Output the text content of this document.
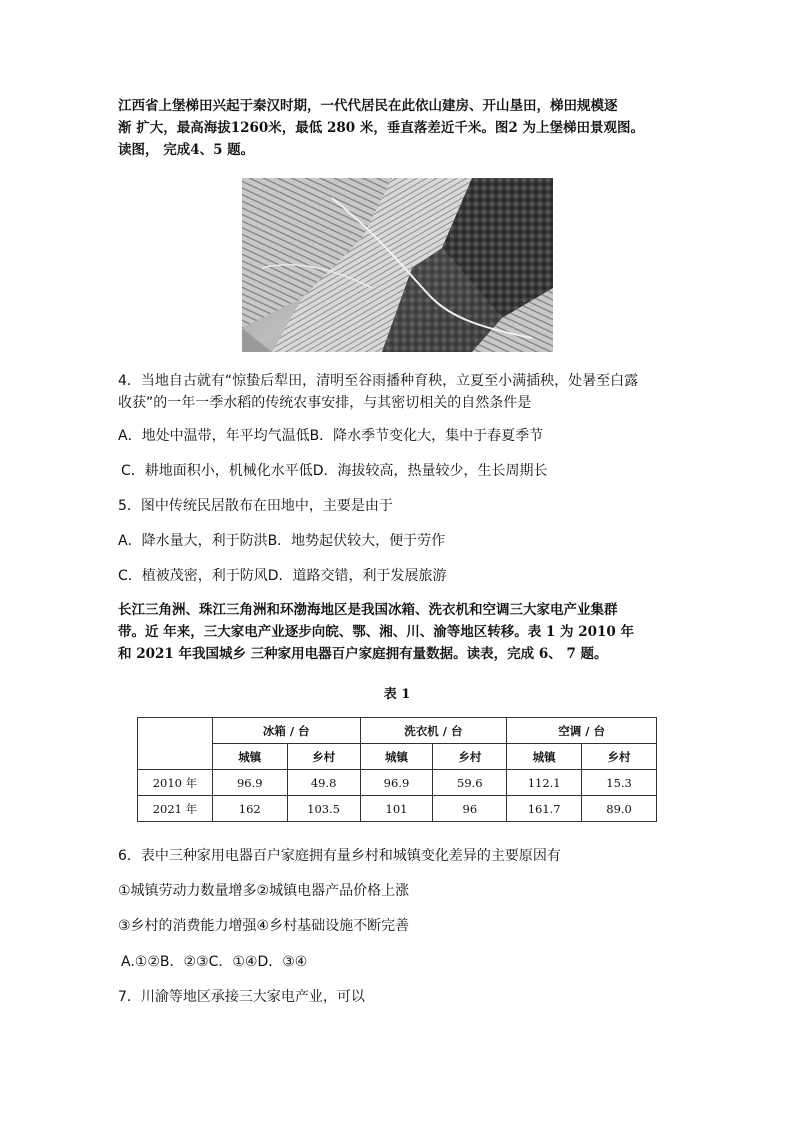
江西省上堡梯田兴起于秦汉时期，一代代居民在此依山建房、开山垦田，梯田规模逐
渐 扩大，最高海拔1260米，最低 280 米，垂直落差近千米。图2 为上堡梯田景观图。
读图， 完成4、5 题。
4．当地自古就有“惊蛰后犁田，清明至谷雨播种育秧，立夏至小满插秧，处暑至白露
收获”的一年一季水稻的传统农事安排，与其密切相关的自然条件是
A．地处中温带，年平均气温低B．降水季节变化大，集中于春夏季节
C．耕地面积小，机械化水平低D．海拔较高，热量较少，生长周期长
5．图中传统民居散布在田地中，主要是由于
A．降水量大，利于防洪B．地势起伏较大，便于劳作
C．植被茂密，利于防风D．道路交错，利于发展旅游
长江三角洲、珠江三角洲和环渤海地区是我国冰箱、洗衣机和空调三大家电产业集群
带。近 年来，三大家电产业逐步向皖、鄂、湘、川、渝等地区转移。表 1 为 2010 年
和 2021 年我国城乡 三种家用电器百户家庭拥有量数据。读表，完成 6、 7 题。
表 1
	冰箱 / 台		洗衣机 / 台		空调 / 台	
	城镇	乡村	城镇	乡村	城镇	乡村
2010 年	96.9	49.8	96.9	59.6	112.1	15.3
2021 年	162	103.5	101	96	161.7	89.0
6．表中三种家用电器百户家庭拥有量乡村和城镇变化差异的主要原因有
①城镇劳动力数量增多②城镇电器产品价格上涨
③乡村的消费能力增强④乡村基础设施不断完善
A.①②B．②③C．①④D．③④
7．川渝等地区承接三大家电产业，可以
